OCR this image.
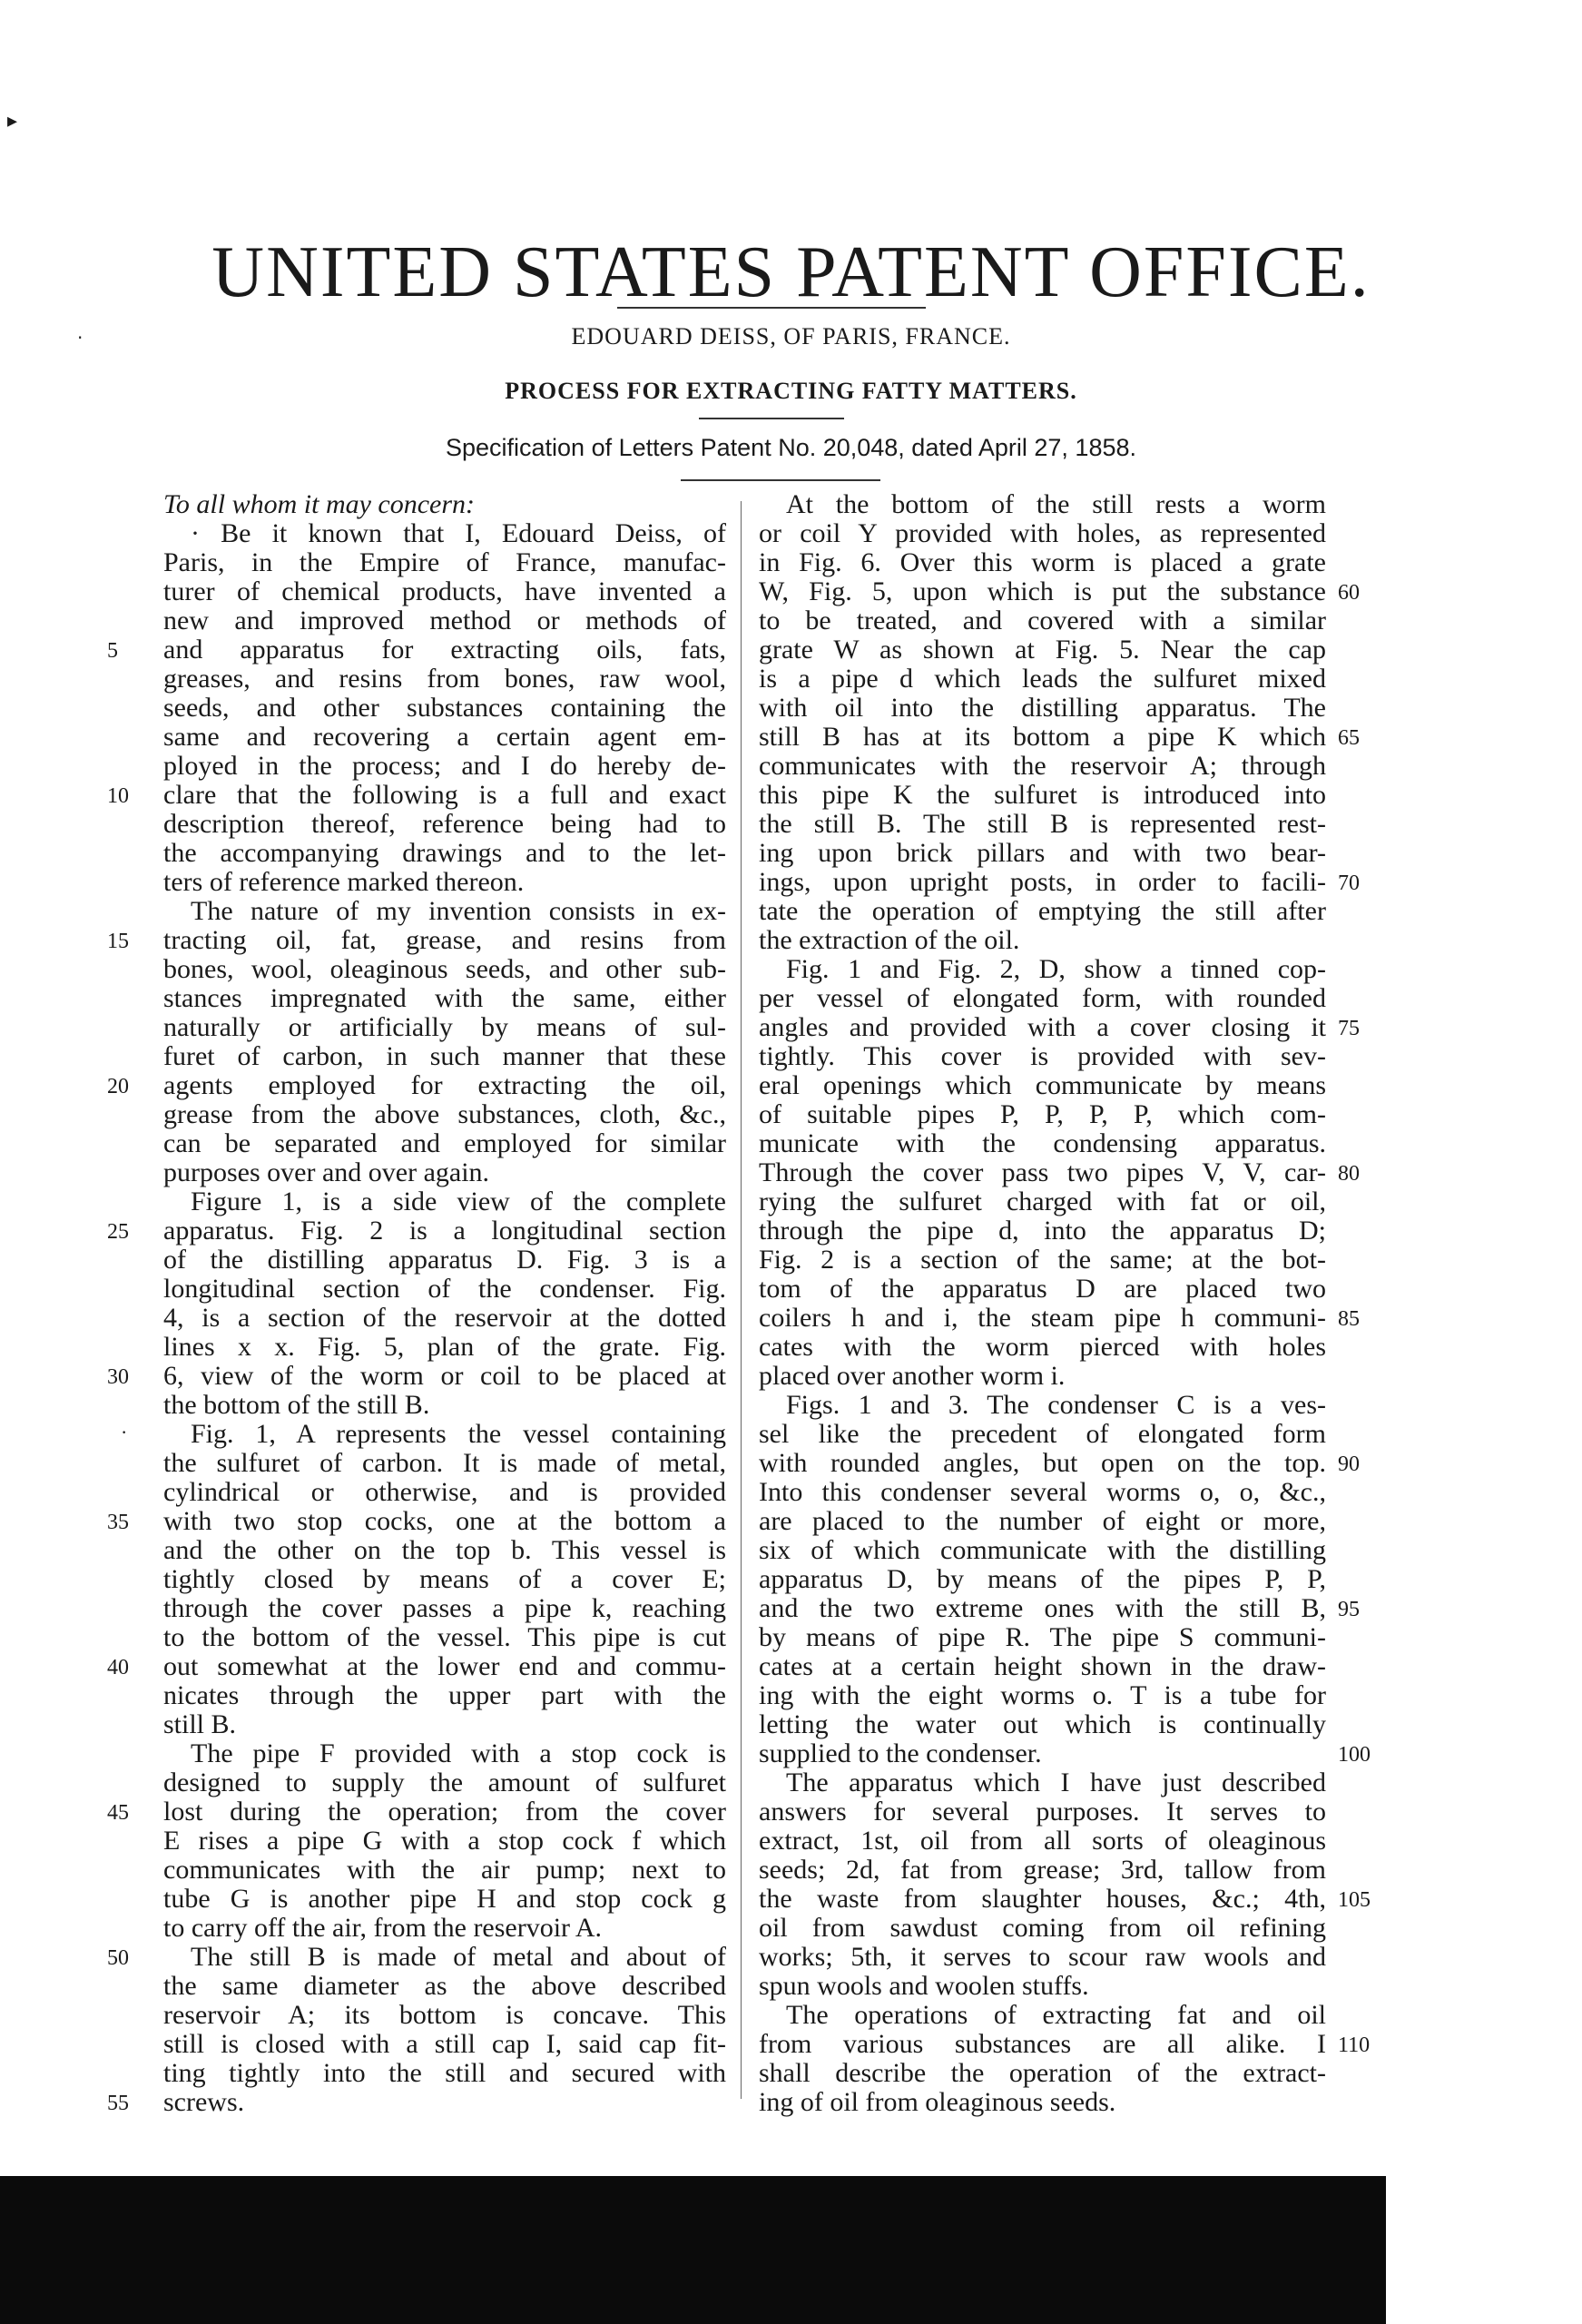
▸
‧
·
UNITED STATES PATENT OFFICE.
EDOUARD DEISS, OF PARIS, FRANCE.
PROCESS FOR EXTRACTING FATTY MATTERS.
Specification of Letters Patent No. 20,048, dated April 27, 1858.
To all whom it may concern:
· Be it known that I, Edouard Deiss, of
Paris, in the Empire of France, manufac-
turer of chemical products, have invented a
new and improved method or methods of
and apparatus for extracting oils, fats,
greases, and resins from bones, raw wool,
seeds, and other substances containing the
same and recovering a certain agent em-
ployed in the process; and I do hereby de-
clare that the following is a full and exact
description thereof, reference being had to
the accompanying drawings and to the let-
ters of reference marked thereon.
The nature of my invention consists in ex-
tracting oil, fat, grease, and resins from
bones, wool, oleaginous seeds, and other sub-
stances impregnated with the same, either
naturally or artificially by means of sul-
furet of carbon, in such manner that these
agents employed for extracting the oil,
grease from the above substances, cloth, &c.,
can be separated and employed for similar
purposes over and over again.
Figure 1, is a side view of the complete
apparatus. Fig. 2 is a longitudinal section
of the distilling apparatus D. Fig. 3 is a
longitudinal section of the condenser. Fig.
4, is a section of the reservoir at the dotted
lines x x. Fig. 5, plan of the grate. Fig.
6, view of the worm or coil to be placed at
the bottom of the still B.
Fig. 1, A represents the vessel containing
the sulfuret of carbon. It is made of metal,
cylindrical or otherwise, and is provided
with two stop cocks, one at the bottom a
and the other on the top b. This vessel is
tightly closed by means of a cover E;
through the cover passes a pipe k, reaching
to the bottom of the vessel. This pipe is cut
out somewhat at the lower end and commu-
nicates through the upper part with the
still B.
The pipe F provided with a stop cock is
designed to supply the amount of sulfuret
lost during the operation; from the cover
E rises a pipe G with a stop cock f which
communicates with the air pump; next to
tube G is another pipe H and stop cock g
to carry off the air, from the reservoir A.
The still B is made of metal and about of
the same diameter as the above described
reservoir A; its bottom is concave. This
still is closed with a still cap I, said cap fit-
ting tightly into the still and secured with
screws.
At the bottom of the still rests a worm
or coil Y provided with holes, as represented
in Fig. 6. Over this worm is placed a grate
W, Fig. 5, upon which is put the substance
to be treated, and covered with a similar
grate W as shown at Fig. 5. Near the cap
is a pipe d which leads the sulfuret mixed
with oil into the distilling apparatus. The
still B has at its bottom a pipe K which
communicates with the reservoir A; through
this pipe K the sulfuret is introduced into
the still B. The still B is represented rest-
ing upon brick pillars and with two bear-
ings, upon upright posts, in order to facili-
tate the operation of emptying the still after
the extraction of the oil.
Fig. 1 and Fig. 2, D, show a tinned cop-
per vessel of elongated form, with rounded
angles and provided with a cover closing it
tightly. This cover is provided with sev-
eral openings which communicate by means
of suitable pipes P, P, P, P, which com-
municate with the condensing apparatus.
Through the cover pass two pipes V, V, car-
rying the sulfuret charged with fat or oil,
through the pipe d, into the apparatus D;
Fig. 2 is a section of the same; at the bot-
tom of the apparatus D are placed two
coilers h and i, the steam pipe h communi-
cates with the worm pierced with holes
placed over another worm i.
Figs. 1 and 3. The condenser C is a ves-
sel like the precedent of elongated form
with rounded angles, but open on the top.
Into this condenser several worms o, o, &c.,
are placed to the number of eight or more,
six of which communicate with the distilling
apparatus D, by means of the pipes P, P,
and the two extreme ones with the still B,
by means of pipe R. The pipe S communi-
cates at a certain height shown in the draw-
ing with the eight worms o. T is a tube for
letting the water out which is continually
supplied to the condenser.
The apparatus which I have just described
answers for several purposes. It serves to
extract, 1st, oil from all sorts of oleaginous
seeds; 2d, fat from grease; 3rd, tallow from
the waste from slaughter houses, &c.; 4th,
oil from sawdust coming from oil refining
works; 5th, it serves to scour raw wools and
spun wools and woolen stuffs.
The operations of extracting fat and oil
from various substances are all alike. I
shall describe the operation of the extract-
ing of oil from oleaginous seeds.
5
10
15
20
25
30
35
40
45
50
55
60
65
70
75
80
85
90
95
100
105
110
